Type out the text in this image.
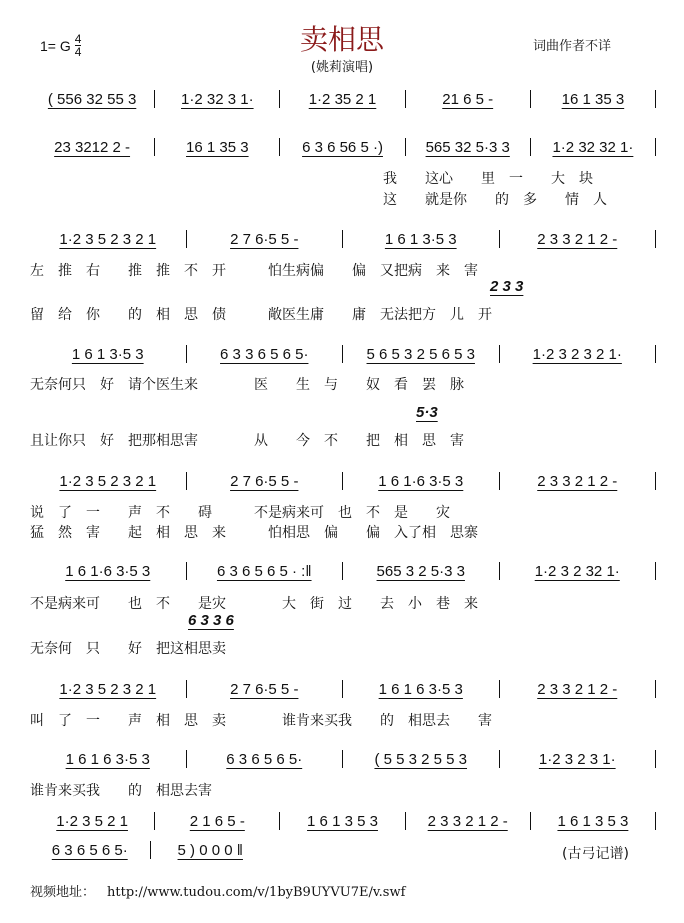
1= G $\frac{4}{4}$	卖相思	词曲作者不详
(姚莉演唱)
( 556 32 55 3	1·2 32 3 1·	1·2 35 2 1	21 6 5 -	16 1 35 3
23 3212 2 -	16 1 35 3	6 3 6 56 5 ·)	565 32 5·3 3	1·2 32 32 1·
1·2 3 5 2 3 2 1	2 7 6·5 5 -	1 6 1 3·5 3	2 3 3 2 1 2 -
1 6 1 3·5 3	6 3 3 6 5 6 5·	5 6 5 3 2 5 6 5 3	1·2 3 2 3 2 1·
1·2 3 5 2 3 2 1	2 7 6·5 5 -	1 6 1·6 3·5 3	2 3 3 2 1 2 -
1 6 1·6 3·5 3	6 3 6 5 6 5 · :‖	565 3 2 5·3 3	1·2 3 2 32 1·
1·2 3 5 2 3 2 1	2 7 6·5 5 -	1 6 1 6 3·5 3	2 3 3 2 1 2 -
1 6 1 6 3·5 3	6 3 6 5 6 5·	( 5 5 3 2 5 5 3	1·2 3 2 3 1·
1·2 3 5 2 1	2 1 6 5 -	1 6 1 3 5 3	2 3 3 2 1 2 -	1 6 1 3 5 3
6 3 6 5 6 5·	5 ) 0 0 0 ‖
我　　这心　　里　一　　大　块
这　　就是你　　的　多　　情　人
左　推　右　　推　推　不　开　　　怕生病偏　　偏　又把病　来　害
2 3 3
留　给　你　　的　相　思　债　　　敞医生庸　　庸　无法把方　儿　开
无奈何只　好　请个医生来　　　　医　　生　与　　奴　看　罢　脉
5·3
且让你只　好　把那相思害　　　　从　　今　不　　把　相　思　害
说　了　一　　声　不　　碍　　　不是病来可　也　不　是　　灾
猛　然　害　　起　相　思　来　　　怕相思　偏　　偏　入了相　思寨
不是病来可　　也　不　　是灾　　　　大　街　过　　去　小　巷　来
6 3 3 6
无奈何　只　　好　把这相思卖
叫　了　一　　声　相　思　卖　　　　谁肯来买我　　的　相思去　　害
谁肯来买我　　的　相思去害
(古弓记谱)
视频地址： http://www.tudou.com/v/1byB9UYVU7E/v.swf
